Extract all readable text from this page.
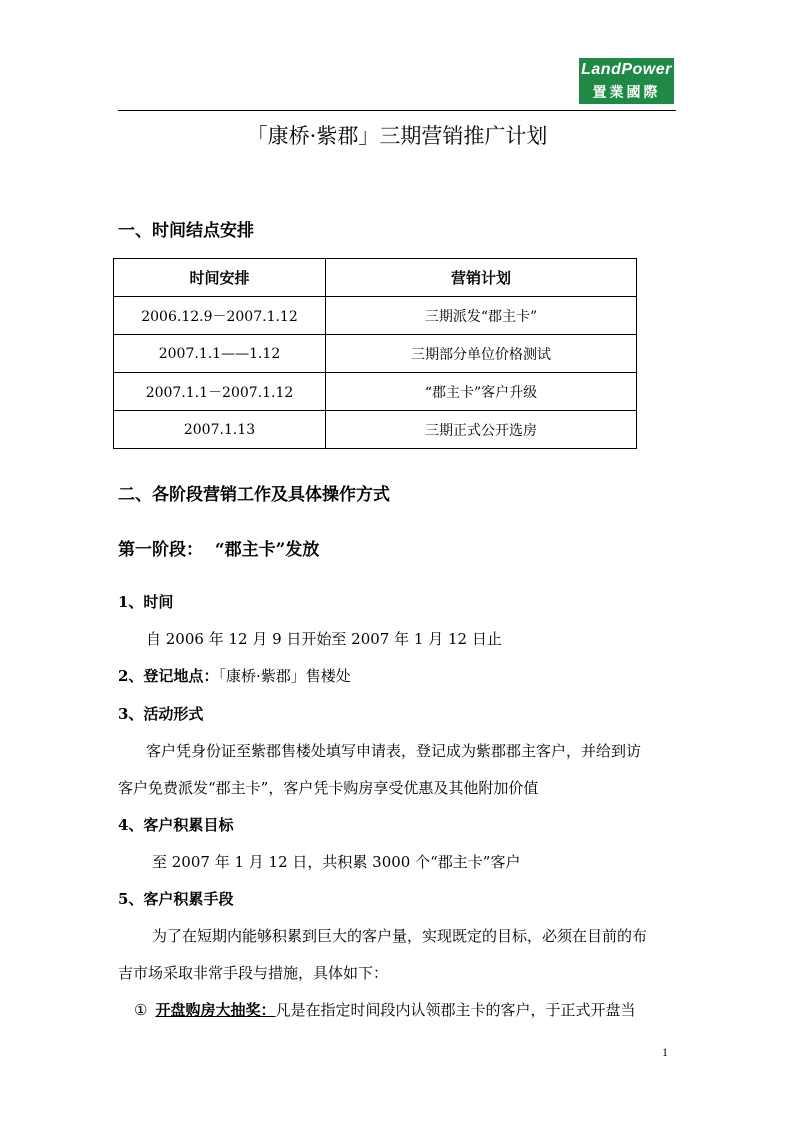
LandPower
置業國際
「康桥·紫郡」三期营销推广计划
一、时间结点安排
时间安排	营销计划
2006.12.9－2007.1.12	三期派发“郡主卡”
2007.1.1——1.12	三期部分单位价格测试
2007.1.1－2007.1.12	“郡主卡”客户升级
2007.1.13	三期正式公开选房
二、各阶段营销工作及具体操作方式
第一阶段：  “郡主卡”发放
1、时间
自 2006 年 12 月 9 日开始至 2007 年 1 月 12 日止
2、登记地点：「康桥·紫郡」售楼处
3、活动形式
客户凭身份证至紫郡售楼处填写申请表，登记成为紫郡郡主客户，并给到访
客户免费派发“郡主卡”，客户凭卡购房享受优惠及其他附加价值
4、客户积累目标
至 2007 年 1 月 12 日，共积累 3000 个“郡主卡”客户
5、客户积累手段
为了在短期内能够积累到巨大的客户量，实现既定的目标，必须在目前的布
吉市场采取非常手段与措施，具体如下：
① 开盘购房大抽奖：凡是在指定时间段内认领郡主卡的客户，于正式开盘当
1
